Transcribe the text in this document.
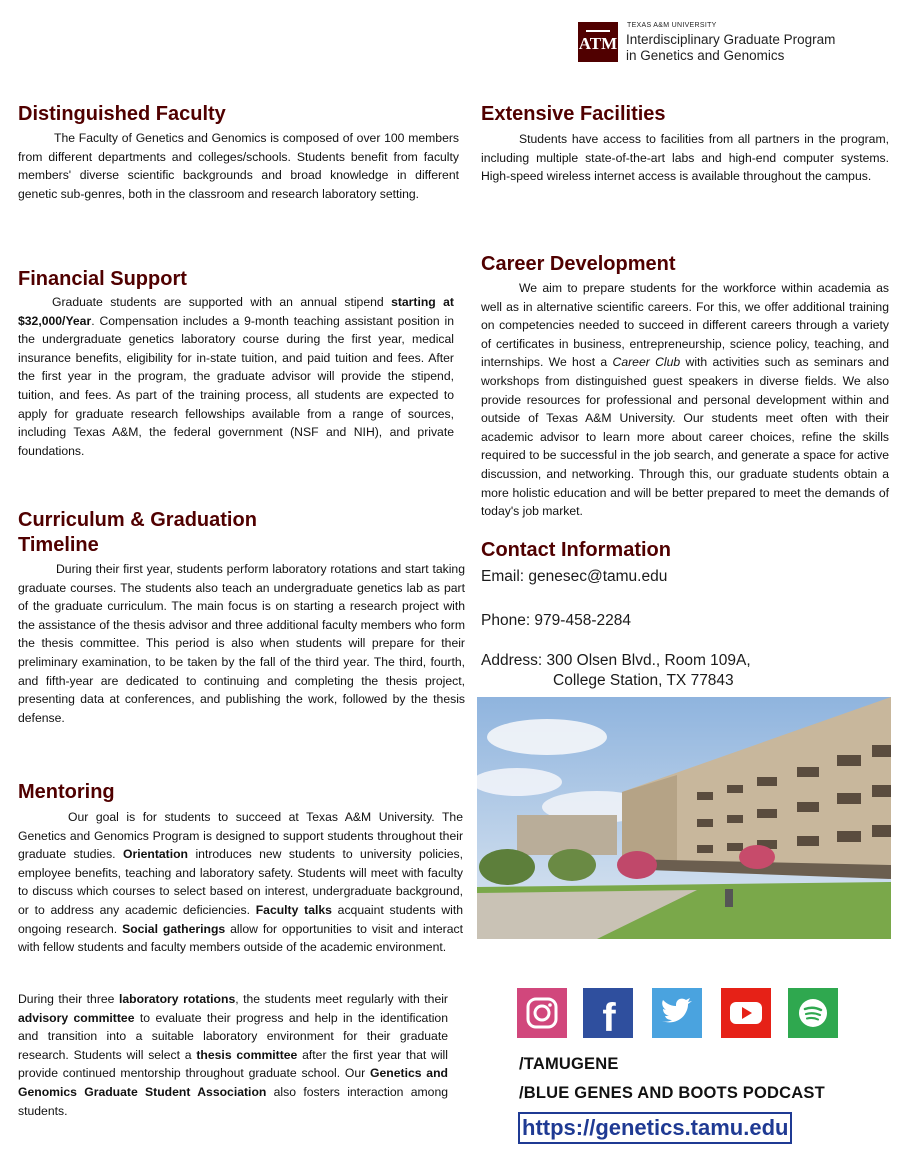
ATM
TEXAS A&M UNIVERSITY
Interdisciplinary Graduate Program
in Genetics and Genomics
Distinguished Faculty

The Faculty of Genetics and Genomics is composed of over 100 members from different departments and colleges/schools. Students benefit from faculty members' diverse scientific backgrounds and broad knowledge in different genetic sub-genres, both in the classroom and research laboratory setting.

Financial Support

Graduate students are supported with an annual stipend starting at $32,000/Year. Compensation includes a 9-month teaching assistant position in the undergraduate genetics laboratory course during the first year, medical insurance benefits, eligibility for in-state tuition, and paid tuition and fees. After the first year in the program, the graduate advisor will provide the stipend, tuition, and fees. As part of the training process, all students are expected to apply for graduate research fellowships available from a range of sources, including Texas A&M, the federal government (NSF and NIH), and private foundations.

Curriculum & Graduation
Timeline

During their first year, students perform laboratory rotations and start taking graduate courses. The students also teach an undergraduate genetics lab as part of the graduate curriculum. The main focus is on starting a research project with the assistance of the thesis advisor and three additional faculty members who form the thesis committee. This period is also when students will prepare for their preliminary examination, to be taken by the fall of the third year. The third, fourth, and fifth-year are dedicated to continuing and completing the thesis project, presenting data at conferences, and publishing the work, followed by the thesis defense.

Mentoring

Our goal is for students to succeed at Texas A&M University. The Genetics and Genomics Program is designed to support students throughout their graduate studies. Orientation introduces new students to university policies, employee benefits, teaching and laboratory safety. Students will meet with faculty to discuss which courses to select based on interest, undergraduate background, or to address any academic deficiencies. Faculty talks acquaint students with ongoing research. Social gatherings allow for opportunities to visit and interact with fellow students and faculty members outside of the academic environment.

During their three laboratory rotations, the students meet regularly with their advisory committee to evaluate their progress and help in the identification and transition into a suitable laboratory environment for their graduate research. Students will select a thesis committee after the first year that will provide continued mentorship throughout graduate school. Our Genetics and Genomics Graduate Student Association also fosters interaction among students.

Extensive Facilities

Students have access to facilities from all partners in the program, including multiple state-of-the-art labs and high-end computer systems. High-speed wireless internet access is available throughout the campus.

Career Development

We aim to prepare students for the workforce within academia as well as in alternative scientific careers. For this, we offer additional training on competencies needed to succeed in different careers through a variety of certificates in business, entrepreneurship, science policy, teaching, and internships. We host a Career Club with activities such as seminars and workshops from distinguished guest speakers in diverse fields. We also provide resources for professional and personal development within and outside of Texas A&M University. Our students meet often with their academic advisor to learn more about career choices, refine the skills required to be successful in the job search, and generate a space for active discussion, and networking. Through this, our graduate students obtain a more holistic education and will be better prepared to meet the demands of today's job market.

Contact Information
Email: genesec@tamu.edu
Phone: 979-458-2284
Address: 300 Olsen Blvd., Room 109A,
College Station, TX 77843
f
/TAMUGENE
/BLUE GENES AND BOOTS PODCAST
https://genetics.tamu.edu
